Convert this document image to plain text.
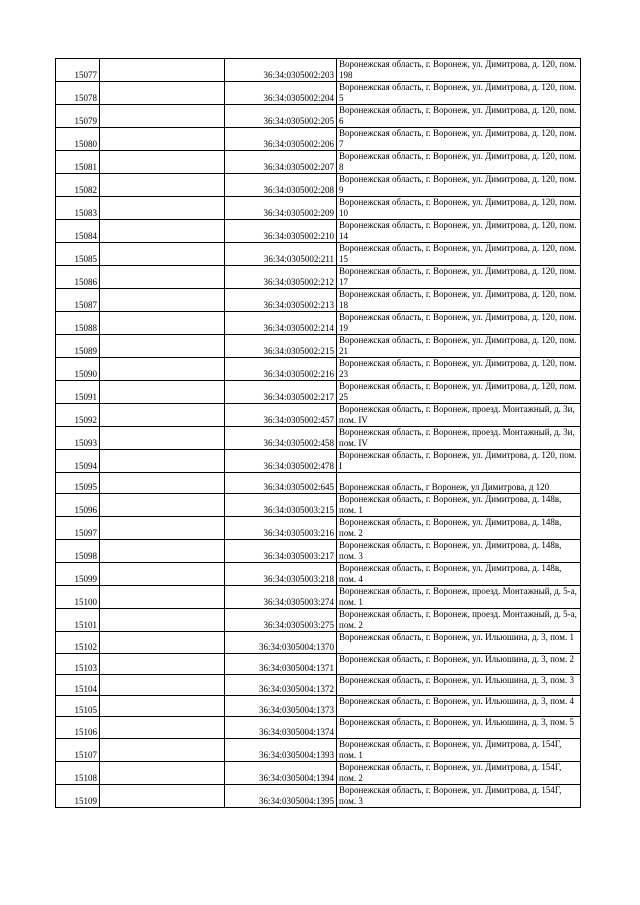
15077		36:34:0305002:203	Воронежская область, г. Воронеж, ул. Димитрова, д. 120, пом. 198
15078		36:34:0305002:204	Воронежская область, г. Воронеж, ул. Димитрова, д. 120, пом. 5
15079		36:34:0305002:205	Воронежская область, г. Воронеж, ул. Димитрова, д. 120, пом. 6
15080		36:34:0305002:206	Воронежская область, г. Воронеж, ул. Димитрова, д. 120, пом. 7
15081		36:34:0305002:207	Воронежская область, г. Воронеж, ул. Димитрова, д. 120, пом. 8
15082		36:34:0305002:208	Воронежская область, г. Воронеж, ул. Димитрова, д. 120, пом. 9
15083		36:34:0305002:209	Воронежская область, г. Воронеж, ул. Димитрова, д. 120, пом. 10
15084		36:34:0305002:210	Воронежская область, г. Воронеж, ул. Димитрова, д. 120, пом. 14
15085		36:34:0305002:211	Воронежская область, г. Воронеж, ул. Димитрова, д. 120, пом. 15
15086		36:34:0305002:212	Воронежская область, г. Воронеж, ул. Димитрова, д. 120, пом. 17
15087		36:34:0305002:213	Воронежская область, г. Воронеж, ул. Димитрова, д. 120, пом. 18
15088		36:34:0305002:214	Воронежская область, г. Воронеж, ул. Димитрова, д. 120, пом. 19
15089		36:34:0305002:215	Воронежская область, г. Воронеж, ул. Димитрова, д. 120, пом. 21
15090		36:34:0305002:216	Воронежская область, г. Воронеж, ул. Димитрова, д. 120, пом. 23
15091		36:34:0305002:217	Воронежская область, г. Воронеж, ул. Димитрова, д. 120, пом. 25
15092		36:34:0305002:457	Воронежская область, г. Воронеж, проезд. Монтажный, д. 3и, пом. IV
15093		36:34:0305002:458	Воронежская область, г. Воронеж, проезд. Монтажный, д. 3и, пом. IV
15094		36:34:0305002:478	Воронежская область, г. Воронеж, ул. Димитрова, д. 120, пом. I
15095		36:34:0305002:645	Воронежская область, г Воронеж, ул Димитрова, д 120
15096		36:34:0305003:215	Воронежская область, г. Воронеж, ул. Димитрова, д. 148в, пом. 1
15097		36:34:0305003:216	Воронежская область, г. Воронеж, ул. Димитрова, д. 148в, пом. 2
15098		36:34:0305003:217	Воронежская область, г. Воронеж, ул. Димитрова, д. 148в, пом. 3
15099		36:34:0305003:218	Воронежская область, г. Воронеж, ул. Димитрова, д. 148в, пом. 4
15100		36:34:0305003:274	Воронежская область, г. Воронеж, проезд. Монтажный, д. 5-а, пом. 1
15101		36:34:0305003:275	Воронежская область, г. Воронеж, проезд. Монтажный, д. 5-а, пом. 2
15102		36:34:0305004:1370	Воронежская область, г. Воронеж, ул. Ильюшина, д. 3, пом. 1
15103		36:34:0305004:1371	Воронежская область, г. Воронеж, ул. Ильюшина, д. 3, пом. 2
15104		36:34:0305004:1372	Воронежская область, г. Воронеж, ул. Ильюшина, д. 3, пом. 3
15105		36:34:0305004:1373	Воронежская область, г. Воронеж, ул. Ильюшина, д. 3, пом. 4
15106		36:34:0305004:1374	Воронежская область, г. Воронеж, ул. Ильюшина, д. 3, пом. 5
15107		36:34:0305004:1393	Воронежская область, г. Воронеж, ул. Димитрова, д. 154Г, пом. 1
15108		36:34:0305004:1394	Воронежская область, г. Воронеж, ул. Димитрова, д. 154Г, пом. 2
15109		36:34:0305004:1395	Воронежская область, г. Воронеж, ул. Димитрова, д. 154Г, пом. 3
